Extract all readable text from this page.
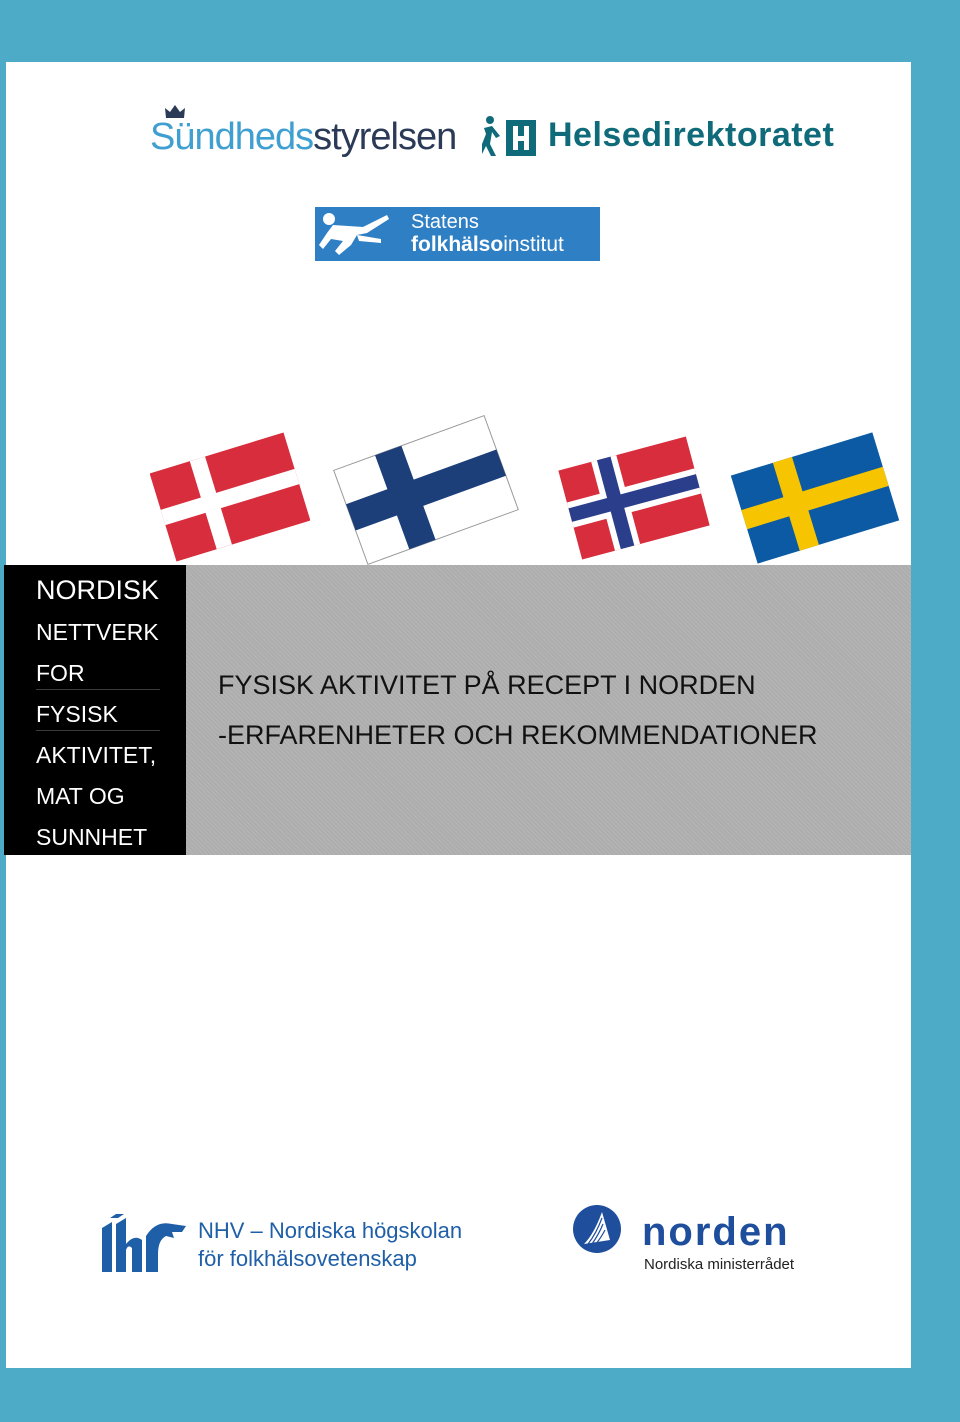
Sündhedsstyrelsen	Helsedirektoratet
Statens
folkhälsoinstitut
NORDISK
NETTVERK
FOR
FYSISK
AKTIVITET,
MAT OG
SUNNHET
FYSISK AKTIVITET PÅ RECEPT I NORDEN
-ERFARENHETER OCH REKOMMENDATIONER
NHV – Nordiska högskolan
för folkhälsovetenskap
norden
Nordiska ministerrådet
